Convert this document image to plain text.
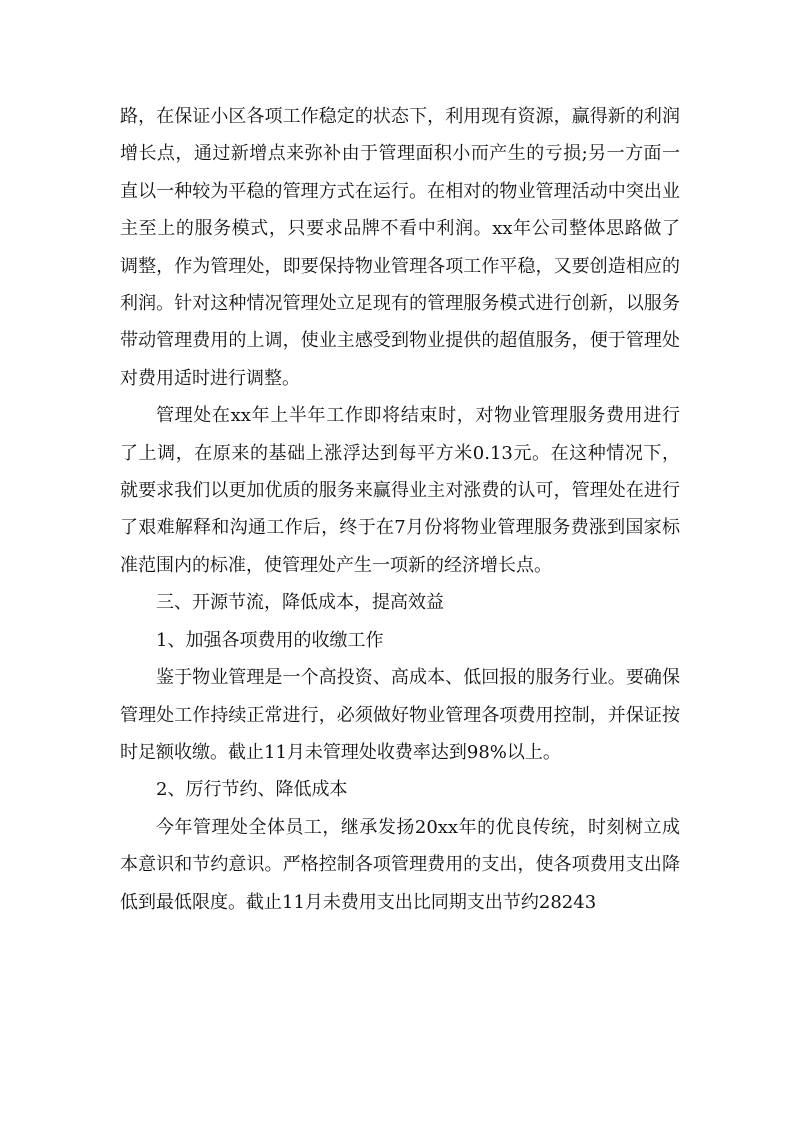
路，在保证小区各项工作稳定的状态下，利用现有资源，赢得新的利润增长点，通过新增点来弥补由于管理面积小而产生的亏损;另一方面一直以一种较为平稳的管理方式在运行。在相对的物业管理活动中突出业主至上的服务模式，只要求品牌不看中利润。xx年公司整体思路做了调整，作为管理处，即要保持物业管理各项工作平稳，又要创造相应的利润。针对这种情况管理处立足现有的管理服务模式进行创新，以服务带动管理费用的上调，使业主感受到物业提供的超值服务，便于管理处对费用适时进行调整。

管理处在xx年上半年工作即将结束时，对物业管理服务费用进行了上调，在原来的基础上涨浮达到每平方米0.13元。在这种情况下，就要求我们以更加优质的服务来赢得业主对涨费的认可，管理处在进行了艰难解释和沟通工作后，终于在7月份将物业管理服务费涨到国家标准范围内的标准，使管理处产生一项新的经济增长点。

三、开源节流，降低成本，提高效益

1、加强各项费用的收缴工作

鉴于物业管理是一个高投资、高成本、低回报的服务行业。要确保管理处工作持续正常进行，必须做好物业管理各项费用控制，并保证按时足额收缴。截止11月未管理处收费率达到98%以上。

2、厉行节约、降低成本

今年管理处全体员工，继承发扬20xx年的优良传统，时刻树立成本意识和节约意识。严格控制各项管理费用的支出，使各项费用支出降低到最低限度。截止11月未费用支出比同期支出节约28243
